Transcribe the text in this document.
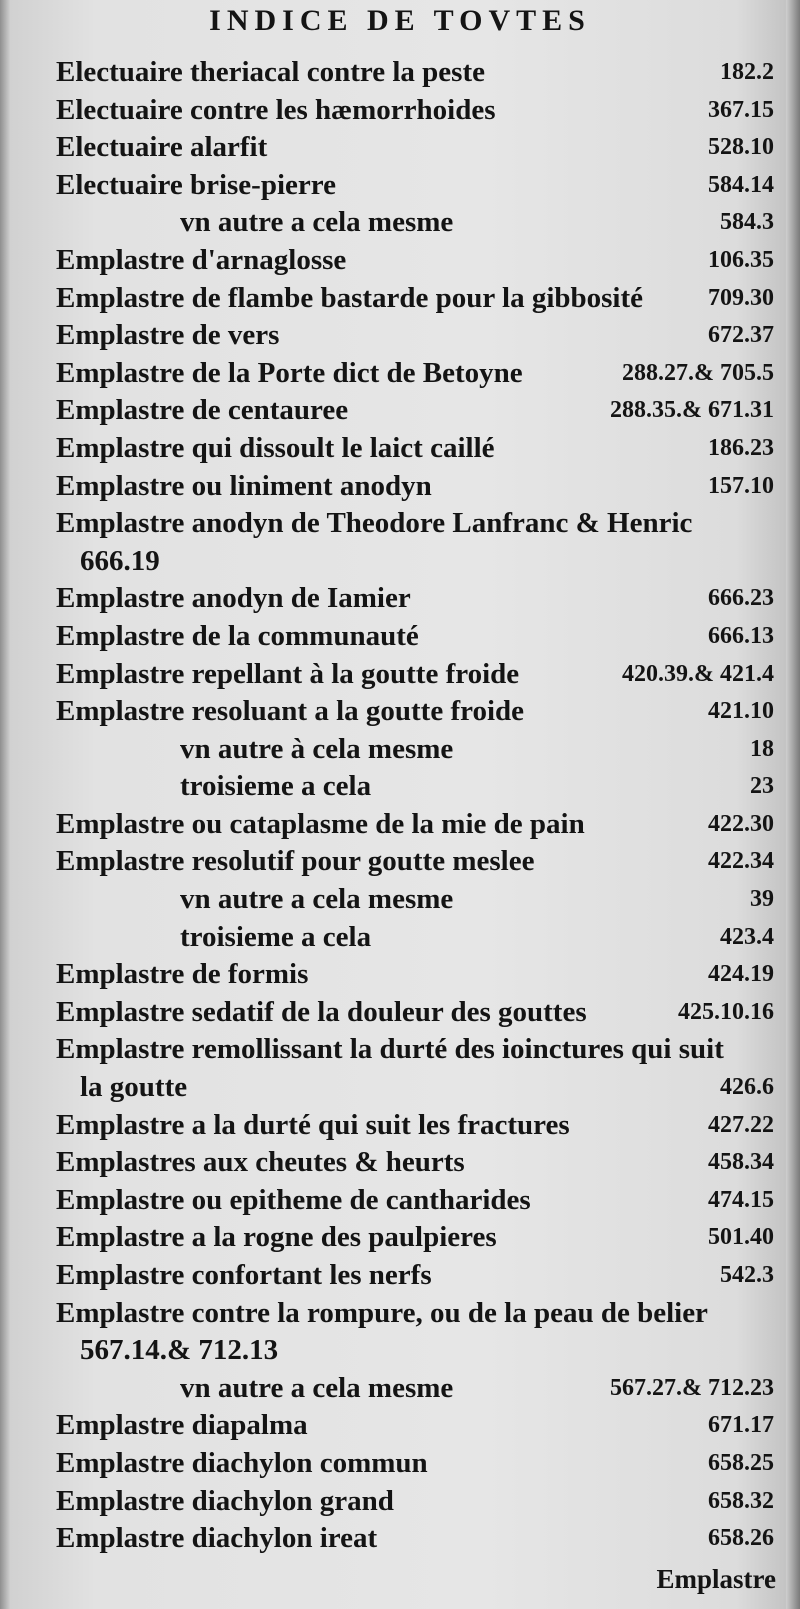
INDICE DE TOVTES
Electuaire theriacal contre la peste	182.2
Electuaire contre les hæmorrhoides	367.15
Electuaire alarfit	528.10
Electuaire brise-pierre	584.14
vn autre a cela mesme	584.3
Emplastre d'arnaglosse	106.35
Emplastre de flambe bastarde pour la gibbosité	709.30
Emplastre de vers	672.37
Emplastre de la Porte dict de Betoyne	288.27.& 705.5
Emplastre de centauree	288.35.& 671.31
Emplastre qui dissoult le laict caillé	186.23
Emplastre ou liniment anodyn	157.10
Emplastre anodyn de Theodore Lanfranc & Henric
666.19
Emplastre anodyn de Iamier	666.23
Emplastre de la communauté	666.13
Emplastre repellant à la goutte froide	420.39.& 421.4
Emplastre resoluant a la goutte froide	421.10
vn autre à cela mesme	18
troisieme a cela	23
Emplastre ou cataplasme de la mie de pain	422.30
Emplastre resolutif pour goutte meslee	422.34
vn autre a cela mesme	39
troisieme a cela	423.4
Emplastre de formis	424.19
Emplastre sedatif de la douleur des gouttes	425.10.16
Emplastre remollissant la durté des ioinctures qui suit
la goutte	426.6
Emplastre a la durté qui suit les fractures	427.22
Emplastres aux cheutes & heurts	458.34
Emplastre ou epitheme de cantharides	474.15
Emplastre a la rogne des paulpieres	501.40
Emplastre confortant les nerfs	542.3
Emplastre contre la rompure, ou de la peau de belier
567.14.& 712.13
vn autre a cela mesme	567.27.& 712.23
Emplastre diapalma	671.17
Emplastre diachylon commun	658.25
Emplastre diachylon grand	658.32
Emplastre diachylon ireat	658.26
Emplastre
